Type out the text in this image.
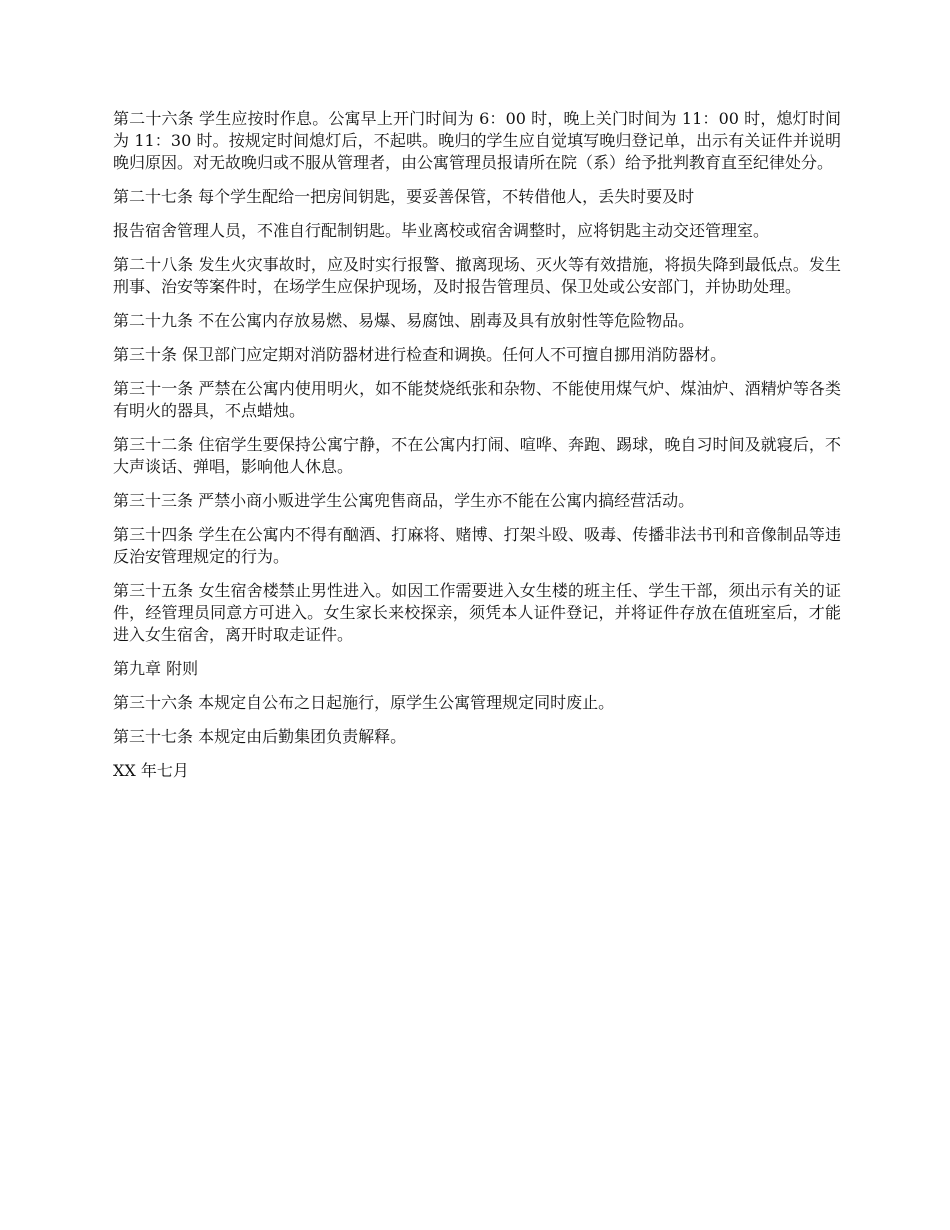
第二十六条 学生应按时作息。公寓早上开门时间为 6：00 时，晚上关门时间为 11：00 时，熄灯时间为 11：30 时。按规定时间熄灯后，不起哄。晚归的学生应自觉填写晚归登记单，出示有关证件并说明晚归原因。对无故晚归或不服从管理者，由公寓管理员报请所在院（系）给予批判教育直至纪律处分。

第二十七条 每个学生配给一把房间钥匙，要妥善保管，不转借他人，丢失时要及时

报告宿舍管理人员，不准自行配制钥匙。毕业离校或宿舍调整时，应将钥匙主动交还管理室。

第二十八条 发生火灾事故时，应及时实行报警、撤离现场、灭火等有效措施，将损失降到最低点。发生刑事、治安等案件时，在场学生应保护现场，及时报告管理员、保卫处或公安部门，并协助处理。

第二十九条 不在公寓内存放易燃、易爆、易腐蚀、剧毒及具有放射性等危险物品。

第三十条 保卫部门应定期对消防器材进行检查和调换。任何人不可擅自挪用消防器材。

第三十一条 严禁在公寓内使用明火，如不能焚烧纸张和杂物、不能使用煤气炉、煤油炉、酒精炉等各类有明火的器具，不点蜡烛。

第三十二条 住宿学生要保持公寓宁静，不在公寓内打闹、喧哗、奔跑、踢球，晚自习时间及就寝后，不大声谈话、弹唱，影响他人休息。

第三十三条 严禁小商小贩进学生公寓兜售商品，学生亦不能在公寓内搞经营活动。

第三十四条 学生在公寓内不得有酗酒、打麻将、赌博、打架斗殴、吸毒、传播非法书刊和音像制品等违反治安管理规定的行为。

第三十五条 女生宿舍楼禁止男性进入。如因工作需要进入女生楼的班主任、学生干部，须出示有关的证件，经管理员同意方可进入。女生家长来校探亲，须凭本人证件登记，并将证件存放在值班室后，才能进入女生宿舍，离开时取走证件。

第九章 附则

第三十六条 本规定自公布之日起施行，原学生公寓管理规定同时废止。

第三十七条 本规定由后勤集团负责解释。

XX 年七月
